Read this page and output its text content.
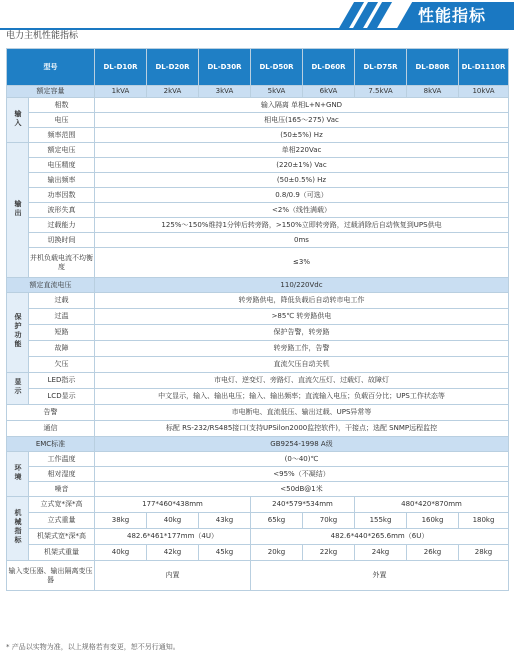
性能指标
电力主机性能指标
型号		DL-D10R	DL-D20R	DL-D30R	DL-D50R	DL-D60R	DL-D75R	DL-D80R	DL-D1110R
额定容量		1kVA	2kVA	3kVA	5kVA	6kVA	7.5kVA	8kVA	10kVA
输入	相数	输入隔离 单相L+N+GND							
	电压	相电压(165～275) Vac							
	频率范围	(50±5%) Hz							
输出	额定电压	单相220Vac							
	电压精度	(220±1%) Vac							
	输出频率	(50±0.5%) Hz							
	功率因数	0.8/0.9（可选）							
	波形失真	<2%（线性满载）							
	过载能力	125%～150%维持1分钟后转旁路，>150%立即转旁路，过载消除后自动恢复到UPS供电							
	切换时间	0ms							
	并机负载电流不均衡度	≤3%							
额定直流电压		110/220Vdc							
保护功能	过载	转旁路供电，降低负载后自动转市电工作							
	过温	>85℃ 转旁路供电							
	短路	保护告警，转旁路							
	故障	转旁路工作，告警							
	欠压	直流欠压自动关机							
显示	LED指示	市电灯、逆变灯、旁路灯、直流欠压灯、过载灯、故障灯							
	LCD显示	中文显示，输入、输出电压；输入、输出频率；直流输入电压；负载百分比；UPS工作状态等							
告警		市电断电、直流低压、输出过载、UPS异常等							
通信		标配 RS-232/RS485接口(支持UPSilon2000监控软件)，干接点；选配 SNMP远程监控							
EMC标准		GB9254-1998 A级							
环境	工作温度	(0～40)℃							
	相对湿度	<95%（不凝结）							
	噪音	<50dB@1米							
机械指标	立式宽*深*高	177*460*438mm			240*579*534mm		480*420*870mm		
	立式重量	38kg	40kg	43kg	65kg	70kg	155kg	160kg	180kg
	机架式宽*深*高	482.6*461*177mm（4U）			482.6*440*265.6mm（6U）				
	机架式重量	40kg	42kg	45kg	20kg	22kg	24kg	26kg	28kg
输入变压器、输出隔离变压器		内置			外置				
* 产品以实物为准，以上规格若有变更，恕不另行通知。
